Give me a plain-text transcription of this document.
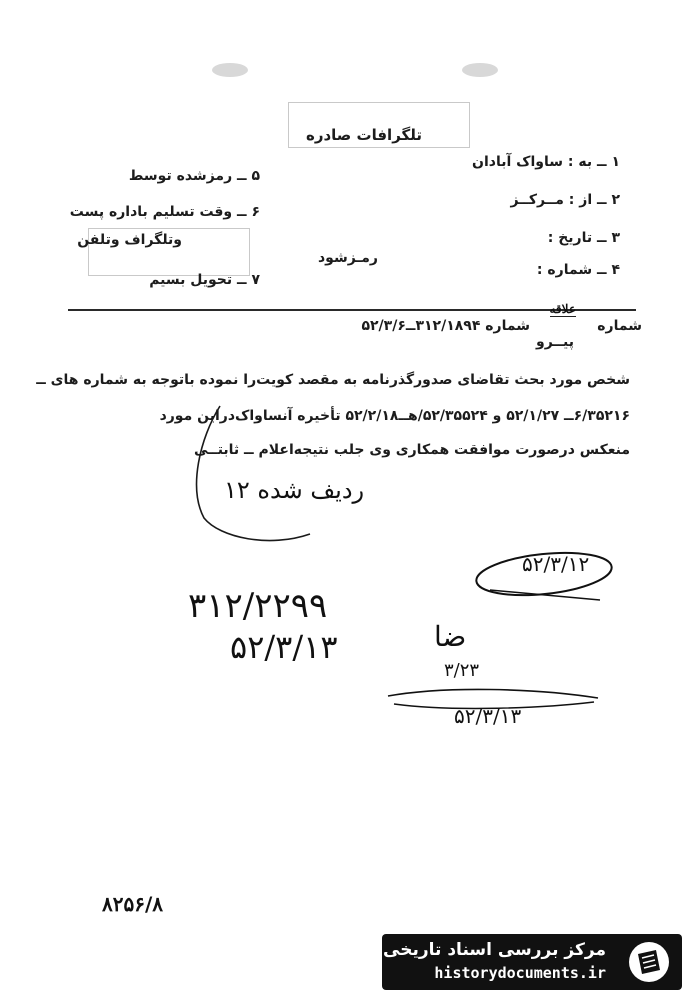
تلگرافات صادره
۱ ــ به : ساواک آبادان
۲ ــ از : مــرکــز
۳ ــ تاریخ :
۴ ــ شماره :
۵ ــ رمزشده توسط
۶ ــ وقت تسلیم باداره پست
وتلگراف وتلفن
۷ ــ تحویل بسیم
رمـزشود
شماره
علاقه
پیــرو
شماره ۳۱۲/۱۸۹۴ــ۵۲/۳/۶
شخص مورد بحث تقاضای صدورگذرنامه به مقصد کویت‌را نموده باتوجه به شماره های ــ
۶/۳۵۲۱۶ــ ۵۲/۱/۲۷ و ۵۲/۳۵۵۲۴/هــ۵۲/۲/۱۸ تأخیره آنساواک‌دراین مورد
منعکس درصورت موافقت همکاری وی جلب نتیجه‌اعلام ــ ثابتــی
ردیف شده ۱۲
۵۲/۳/۱۲
۳۱۲/۲۲۹۹
۵۲/۳/۱۳	ضا
۳/۲۳
۵۲/۳/۱۳
۸۲۵۶/۸
مرکز بررسی اسناد تاریخی
historydocuments.ir
